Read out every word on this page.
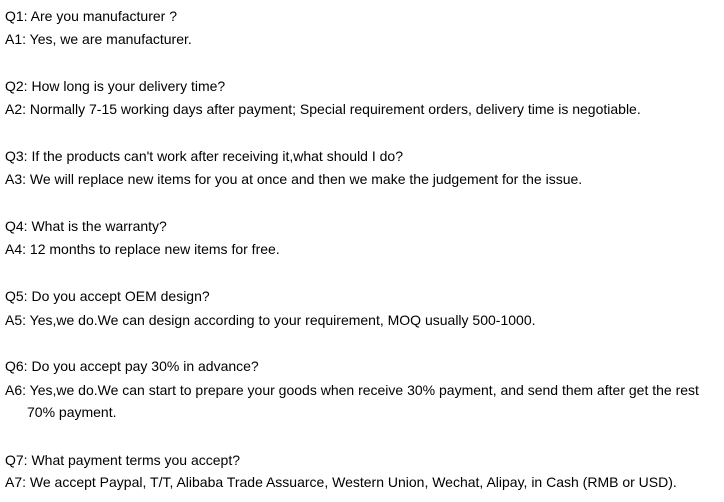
Q1: Are you manufacturer ?
A1: Yes, we are manufacturer.
Q2: How long is your delivery time?
A2: Normally 7-15 working days after payment; Special requirement orders, delivery time is negotiable.
Q3: If the products can't work after receiving it,what should I do?
A3: We will replace new items for you at once and then we make the judgement for the issue.
Q4: What is the warranty?
A4: 12 months to replace new items for free.
Q5: Do you accept OEM design?
A5: Yes,we do.We can design according to your requirement, MOQ usually 500-1000.
Q6: Do you accept pay 30% in advance?
A6: Yes,we do.We can start to prepare your goods when receive 30% payment, and send them after get the rest
70% payment.
Q7: What payment terms you accept?
A7: We accept Paypal, T/T, Alibaba Trade Assuarce, Western Union, Wechat, Alipay, in Cash (RMB or USD).
